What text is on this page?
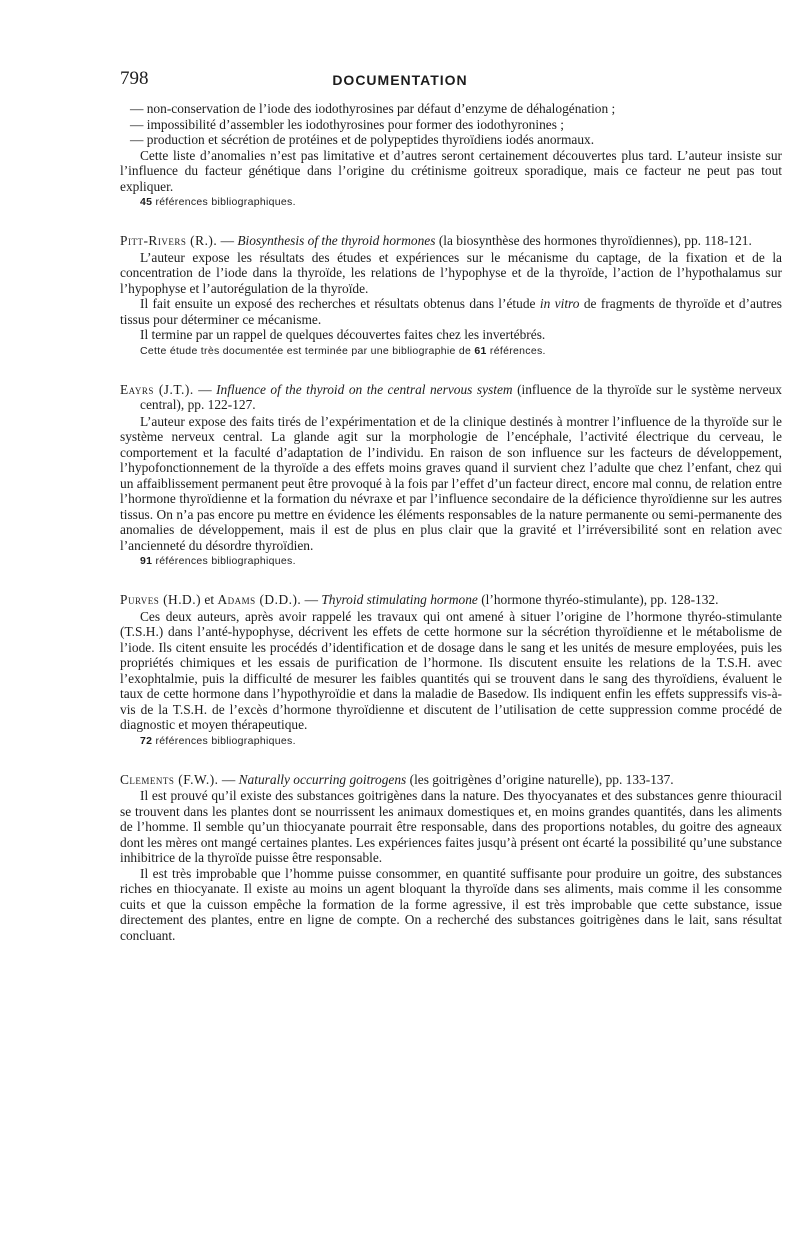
798	DOCUMENTATION

— non-conservation de l’iode des iodothyrosines par défaut d’enzyme de déhalogénation ;

— impossibilité d’assembler les iodothyrosines pour former des iodothyronines ;

— production et sécrétion de protéines et de polypeptides thyroïdiens iodés anormaux.

Cette liste d’anomalies n’est pas limitative et d’autres seront certainement découvertes plus tard. L’auteur insiste sur l’influence du facteur génétique dans l’origine du crétinisme goitreux sporadique, mais ce facteur ne peut pas tout expliquer.

45 références bibliographiques.

Pitt-Rivers (R.). — Biosynthesis of the thyroid hormones (la biosynthèse des hormones thyroïdiennes), pp. 118-121.

L’auteur expose les résultats des études et expériences sur le mécanisme du captage, de la fixation et de la concentration de l’iode dans la thyroïde, les relations de l’hypophyse et de la thyroïde, l’action de l’hypothalamus sur l’hypophyse et l’autorégulation de la thyroïde.

Il fait ensuite un exposé des recherches et résultats obtenus dans l’étude in vitro de fragments de thyroïde et d’autres tissus pour déterminer ce mécanisme.

Il termine par un rappel de quelques découvertes faites chez les invertébrés.

Cette étude très documentée est terminée par une bibliographie de 61 références.

Eayrs (J.T.). — Influence of the thyroid on the central nervous system (influence de la thyroïde sur le système nerveux central), pp. 122-127.

L’auteur expose des faits tirés de l’expérimentation et de la clinique destinés à montrer l’influence de la thyroïde sur le système nerveux central. La glande agit sur la morphologie de l’encéphale, l’activité électrique du cerveau, le comportement et la faculté d’adaptation de l’individu. En raison de son influence sur les facteurs de développement, l’hypofonctionnement de la thyroïde a des effets moins graves quand il survient chez l’adulte que chez l’enfant, chez qui un affaiblissement permanent peut être provoqué à la fois par l’effet d’un facteur direct, encore mal connu, de relation entre l’hormone thyroïdienne et la formation du névraxe et par l’influence secondaire de la déficience thyroïdienne sur les autres tissus. On n’a pas encore pu mettre en évidence les éléments responsables de la nature permanente ou semi-permanente des anomalies de développement, mais il est de plus en plus clair que la gravité et l’irréversibilité sont en relation avec l’ancienneté du désordre thyroïdien.

91 références bibliographiques.

Purves (H.D.) et Adams (D.D.). — Thyroid stimulating hormone (l’hormone thyréo-stimulante), pp. 128-132.

Ces deux auteurs, après avoir rappelé les travaux qui ont amené à situer l’origine de l’hormone thyréo-stimulante (T.S.H.) dans l’anté-hypophyse, décrivent les effets de cette hormone sur la sécrétion thyroïdienne et le métabolisme de l’iode. Ils citent ensuite les procédés d’identification et de dosage dans le sang et les unités de mesure employées, puis les propriétés chimiques et les essais de purification de l’hormone. Ils discutent ensuite les relations de la T.S.H. avec l’exophtalmie, puis la difficulté de mesurer les faibles quantités qui se trouvent dans le sang des thyroïdiens, évaluent le taux de cette hormone dans l’hypothyroïdie et dans la maladie de Basedow. Ils indiquent enfin les effets suppressifs vis-à-vis de la T.S.H. de l’excès d’hormone thyroïdienne et discutent de l’utilisation de cette suppression comme procédé de diagnostic et moyen thérapeutique.

72 références bibliographiques.

Clements (F.W.). — Naturally occurring goitrogens (les goitrigènes d’origine naturelle), pp. 133-137.

Il est prouvé qu’il existe des substances goitrigènes dans la nature. Des thyocyanates et des substances genre thiouracil se trouvent dans les plantes dont se nourrissent les animaux domestiques et, en moins grandes quantités, dans les aliments de l’homme. Il semble qu’un thiocyanate pourrait être responsable, dans des proportions notables, du goitre des agneaux dont les mères ont mangé certaines plantes. Les expériences faites jusqu’à présent ont écarté la possibilité qu’une substance inhibitrice de la thyroïde puisse être responsable.

Il est très improbable que l’homme puisse consommer, en quantité suffisante pour produire un goitre, des substances riches en thiocyanate. Il existe au moins un agent bloquant la thyroïde dans ses aliments, mais comme il les consomme cuits et que la cuisson empêche la formation de la forme agressive, il est très improbable que cette substance, issue directement des plantes, entre en ligne de compte. On a recherché des substances goitrigènes dans le lait, sans résultat concluant.
